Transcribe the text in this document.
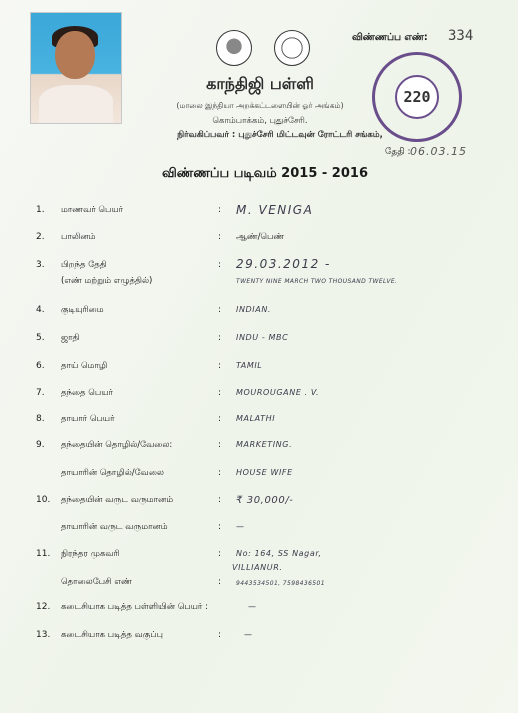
விண்ணப்ப எண்: 334
220
காந்திஜி பள்ளி
(மாலை இந்தியா அறக்கட்டளையின் ஓர் அங்கம்)
கொம்பாக்கம், புதுச்சேரி.
நிர்வகிப்பவர் : புதுச்சேரி மிட்டவுன் ரோட்டரி சங்கம்,
தேதி : 06.03.15
விண்ணப்ப படிவம் 2015 - 2016
1. மாணவர் பெயர்	: M. VENIGA
2. பாலினம்	: ஆண்/பெண்
3. பிறந்த தேதி	: 29.03.2012 -
(எண் மற்றும் எழுத்தில்)	TWENTY NINE MARCH TWO THOUSAND TWELVE.
4. குடியுரிமை	: INDIAN.
5. ஜாதி	: INDU - MBC
6. தாய் மொழி	: TAMIL
7. தந்தை பெயர்	: MOUROUGANE . V.
8. தாயார் பெயர்	: MALATHI
9. தந்தையின் தொழில்/வேலை:	: MARKETING.
தாயாரின் தொழில்/வேலை	: HOUSE WIFE
10. தந்தையின் வருட வருமானம்	: ₹ 30,000/-
தாயாரின் வருட வருமானம்	: —
11. நிரந்தர முகவரி	: No: 164, SS Nagar,
VILLIANUR.
தொலைபேசி எண்	: 9443534501, 7598436501
12. கடைசியாக படித்த பள்ளியின் பெயர் :	—
13. கடைசியாக படித்த வகுப்பு	:	—
